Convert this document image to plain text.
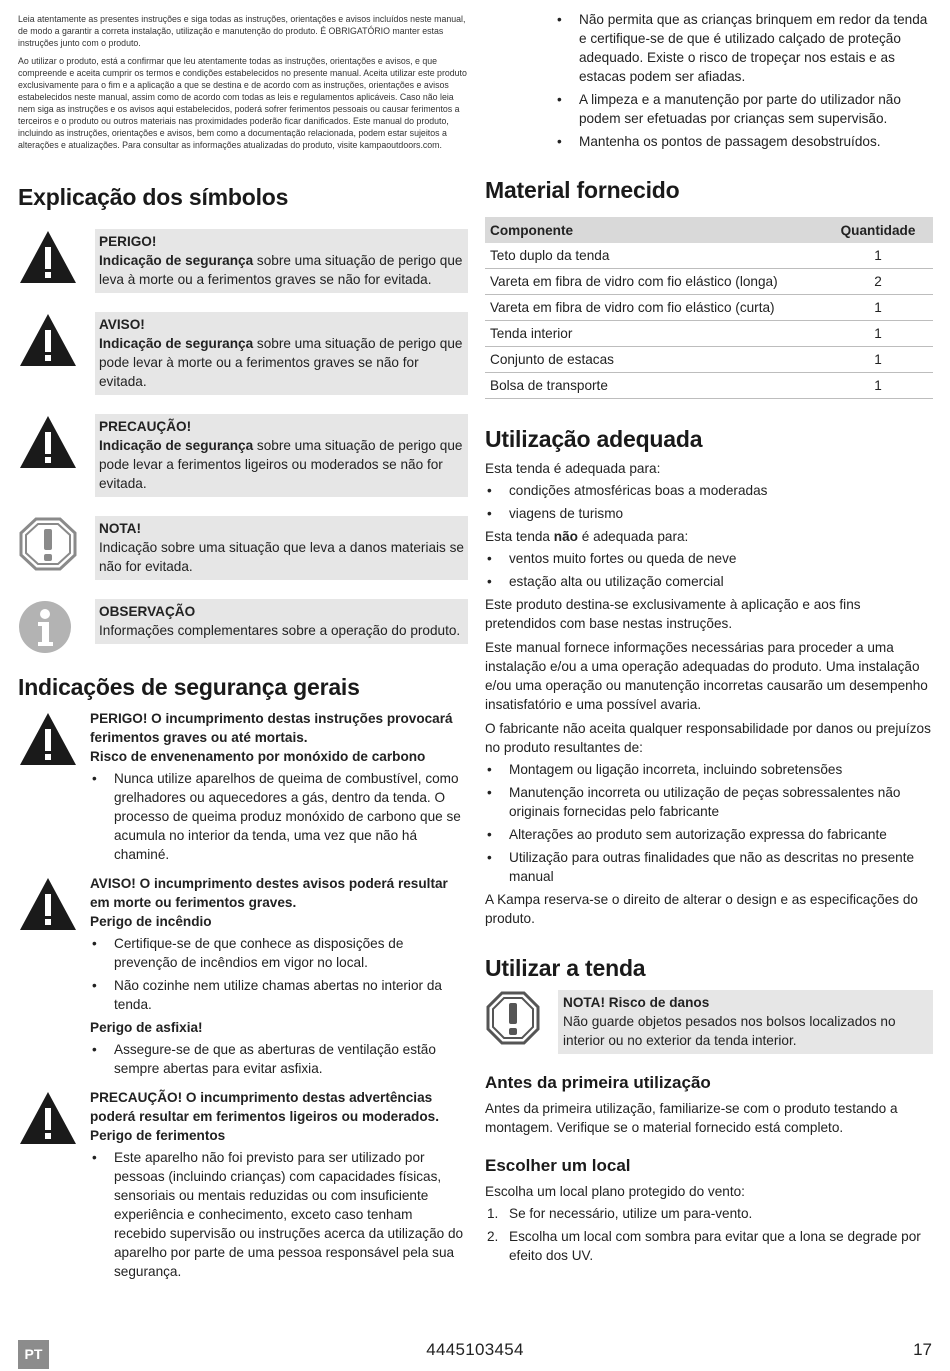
Leia atentamente as presentes instruções e siga todas as instruções, orientações e avisos incluídos neste manual, de modo a garantir a correta instalação, utilização e manutenção do produto. É OBRIGATÓRIO manter estas instruções junto com o produto.

Ao utilizar o produto, está a confirmar que leu atentamente todas as instruções, orientações e avisos, e que compreende e aceita cumprir os termos e condições estabelecidos no presente manual. Aceita utilizar este produto exclusivamente para o fim e a aplicação a que se destina e de acordo com as instruções, orientações e avisos estabelecidos neste manual, assim como de acordo com todas as leis e regulamentos aplicáveis. Caso não leia nem siga as instruções e os avisos aqui estabelecidos, poderá sofrer ferimentos pessoais ou causar ferimentos a terceiros e o produto ou outros materiais nas proximidades poderão ficar danificados. Este manual do produto, incluindo as instruções, orientações e avisos, bem como a documentação relacionada, podem estar sujeitos a alterações e atualizações. Para consultar as informações atualizadas do produto, visite kampaoutdoors.com.

Explicação dos símbolos
PERIGO!
Indicação de segurança sobre uma situação de perigo que leva à morte ou a ferimentos graves se não for evitada.
AVISO!
Indicação de segurança sobre uma situação de perigo que pode levar à morte ou a ferimentos graves se não for evitada.
PRECAUÇÃO!
Indicação de segurança sobre uma situação de perigo que pode levar a ferimentos ligeiros ou moderados se não for evitada.
NOTA!
Indicação sobre uma situação que leva a danos materiais se não for evitada.
OBSERVAÇÃO
Informações complementares sobre a operação do produto.
Indicações de segurança gerais
PERIGO! O incumprimento destas instruções provocará ferimentos graves ou até mortais.
Risco de envenenamento por monóxido de carbono
• Nunca utilize aparelhos de queima de combustível, como grelhadores ou aquecedores a gás, dentro da tenda. O processo de queima produz monóxido de carbono que se acumula no interior da tenda, uma vez que não há chaminé.
AVISO! O incumprimento destes avisos poderá resultar em morte ou ferimentos graves.
Perigo de incêndio
• Certifique-se de que conhece as disposições de prevenção de incêndios em vigor no local.
• Não cozinhe nem utilize chamas abertas no interior da tenda.
Perigo de asfixia!
• Assegure-se de que as aberturas de ventilação estão sempre abertas para evitar asfixia.
PRECAUÇÃO! O incumprimento destas advertências poderá resultar em ferimentos ligeiros ou moderados.
Perigo de ferimentos
• Este aparelho não foi previsto para ser utilizado por pessoas (incluindo crianças) com capacidades físicas, sensoriais ou mentais reduzidas ou com insuficiente experiência e conhecimento, exceto caso tenham recebido supervisão ou instruções acerca da utilização do aparelho por parte de uma pessoa responsável pela sua segurança.
• Não permita que as crianças brinquem em redor da tenda e certifique-se de que é utilizado calçado de proteção adequado. Existe o risco de tropeçar nos estais e as estacas podem ser afiadas.
• A limpeza e a manutenção por parte do utilizador não podem ser efetuadas por crianças sem supervisão.
• Mantenha os pontos de passagem desobstruídos.
Material fornecido
Componente	Quantidade
Teto duplo da tenda	1
Vareta em fibra de vidro com fio elástico (longa)	2
Vareta em fibra de vidro com fio elástico (curta)	1
Tenda interior	1
Conjunto de estacas	1
Bolsa de transporte	1
Utilização adequada

Esta tenda é adequada para:

• condições atmosféricas boas a moderadas
• viagens de turismo

Esta tenda não é adequada para:

• ventos muito fortes ou queda de neve
• estação alta ou utilização comercial

Este produto destina-se exclusivamente à aplicação e aos fins pretendidos com base nestas instruções.

Este manual fornece informações necessárias para proceder a uma instalação e/ou a uma operação adequadas do produto. Uma instalação e/ou uma operação ou manutenção incorretas causarão um desempenho insatisfatório e uma possível avaria.

O fabricante não aceita qualquer responsabilidade por danos ou prejuízos no produto resultantes de:

• Montagem ou ligação incorreta, incluindo sobretensões
• Manutenção incorreta ou utilização de peças sobressalentes não originais fornecidas pelo fabricante
• Alterações ao produto sem autorização expressa do fabricante
• Utilização para outras finalidades que não as descritas no presente manual

A Kampa reserva-se o direito de alterar o design e as especificações do produto.

Utilizar a tenda
NOTA! Risco de danos
Não guarde objetos pesados nos bolsos localizados no interior ou no exterior da tenda interior.
Antes da primeira utilização

Antes da primeira utilização, familiarize-se com o produto testando a montagem. Verifique se o material fornecido está completo.

Escolher um local

Escolha um local plano protegido do vento:

1. Se for necessário, utilize um para-vento.
2. Escolha um local com sombra para evitar que a lona se degrade por efeito dos UV.
PT	4445103454	17
